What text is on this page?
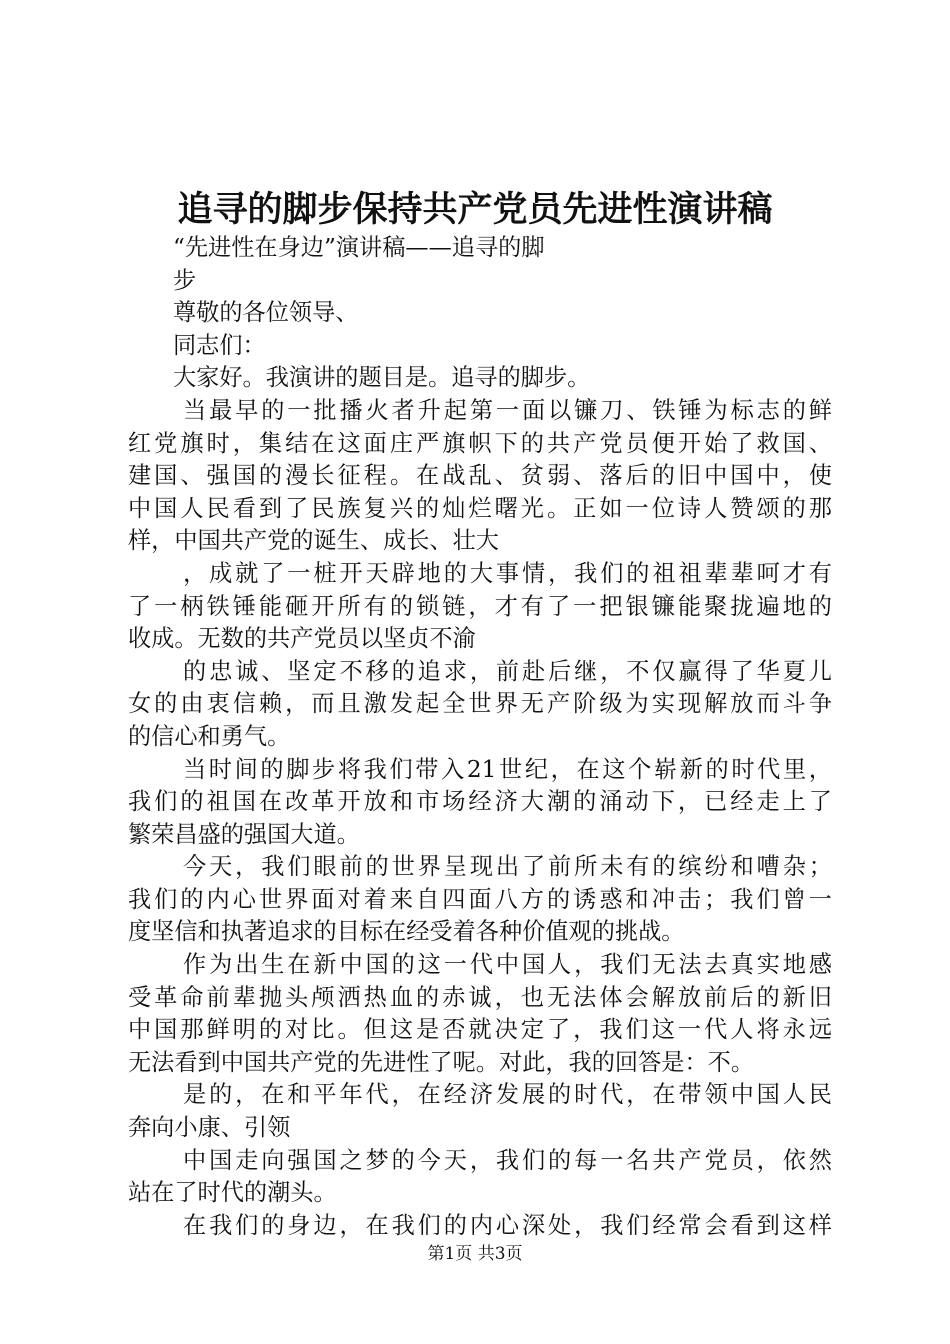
追寻的脚步保持共产党员先进性演讲稿
“先进性在身边”演讲稿——追寻的脚
步
尊敬的各位领导、
同志们：
大家好。我演讲的题目是。追寻的脚步。
当最早的一批播火者升起第一面以镰刀、铁锤为标志的鲜
红党旗时，集结在这面庄严旗帜下的共产党员便开始了救国、
建国、强国的漫长征程。在战乱、贫弱、落后的旧中国中，使
中国人民看到了民族复兴的灿烂曙光。正如一位诗人赞颂的那
样，中国共产党的诞生、成长、壮大
，成就了一桩开天辟地的大事情，我们的祖祖辈辈呵才有
了一柄铁锤能砸开所有的锁链，才有了一把银镰能聚拢遍地的
收成。无数的共产党员以坚贞不渝
的忠诚、坚定不移的追求，前赴后继，不仅赢得了华夏儿
女的由衷信赖，而且激发起全世界无产阶级为实现解放而斗争
的信心和勇气。
当时间的脚步将我们带入21世纪，在这个崭新的时代里，
我们的祖国在改革开放和市场经济大潮的涌动下，已经走上了
繁荣昌盛的强国大道。
今天，我们眼前的世界呈现出了前所未有的缤纷和嘈杂；
我们的内心世界面对着来自四面八方的诱惑和冲击；我们曾一
度坚信和执著追求的目标在经受着各种价值观的挑战。
作为出生在新中国的这一代中国人，我们无法去真实地感
受革命前辈抛头颅洒热血的赤诚，也无法体会解放前后的新旧
中国那鲜明的对比。但这是否就决定了，我们这一代人将永远
无法看到中国共产党的先进性了呢。对此，我的回答是：不。
是的，在和平年代，在经济发展的时代，在带领中国人民
奔向小康、引领
中国走向强国之梦的今天，我们的每一名共产党员，依然
站在了时代的潮头。
在我们的身边，在我们的内心深处，我们经常会看到这样
第1页 共3页
